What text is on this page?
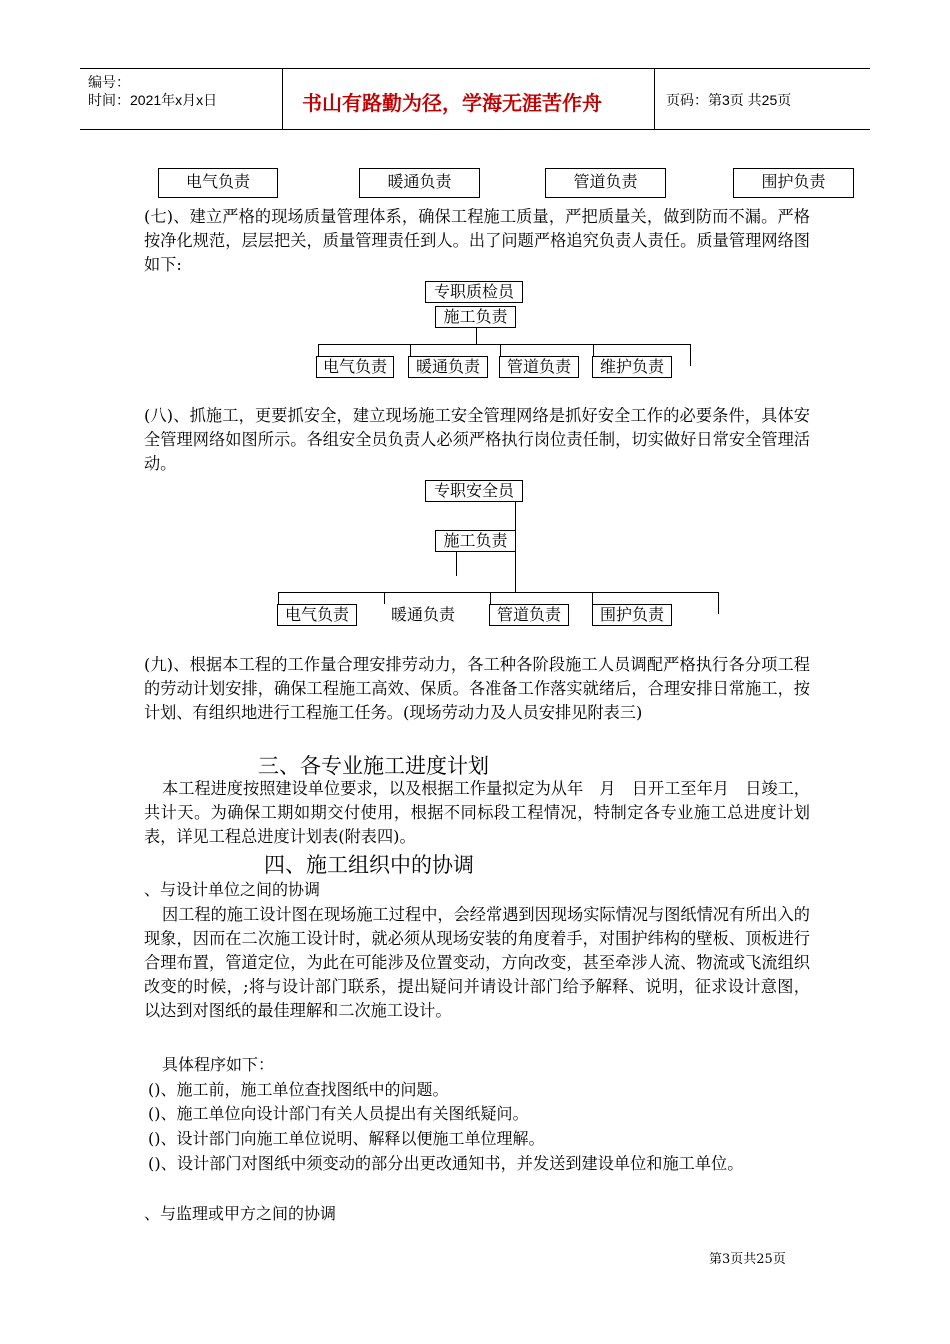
编号：
时间：2021年x月x日	书山有路勤为径，学海无涯苦作舟	页码：第3页 共25页
电气负责	暖通负责	管道负责	围护负责
(七)、建立严格的现场质量管理体系，确保工程施工质量，严把质量关，做到防而不漏。严格按净化规范，层层把关，质量管理责任到人。出了问题严格追究负责人责任。质量管理网络图如下:
专职质检员
施工负责
电气负责	暖通负责	管道负责	维护负责
(八)、抓施工，更要抓安全，建立现场施工安全管理网络是抓好安全工作的必要条件，具体安全管理网络如图所示。各组安全员负责人必须严格执行岗位责任制，切实做好日常安全管理活动。
专职安全员
施工负责
电气负责	暖通负责	管道负责	围护负责
(九)、根据本工程的工作量合理安排劳动力，各工种各阶段施工人员调配严格执行各分项工程的劳动计划安排，确保工程施工高效、保质。各准备工作落实就绪后，合理安排日常施工，按计划、有组织地进行工程施工任务。(现场劳动力及人员安排见附表三)
三、各专业施工进度计划
本工程进度按照建设单位要求，以及根据工作量拟定为从年　月　日开工至年月　日竣工，共计天。为确保工期如期交付使用，根据不同标段工程情况，特制定各专业施工总进度计划表，详见工程总进度计划表(附表四)。
四、施工组织中的协调
、与设计单位之间的协调
因工程的施工设计图在现场施工过程中，会经常遇到因现场实际情况与图纸情况有所出入的现象，因而在二次施工设计时，就必须从现场安装的角度着手，对围护纬构的壁板、顶板进行合理布置，管道定位，为此在可能涉及位置变动，方向改变，甚至牵涉人流、物流或飞流组织改变的时候，;将与设计部门联系，提出疑问并请设计部门给予解释、说明，征求设计意图，以达到对图纸的最佳理解和二次施工设计。
具体程序如下：
()、施工前，施工单位查找图纸中的问题。
()、施工单位向设计部门有关人员提出有关图纸疑问。
()、设计部门向施工单位说明、解释以便施工单位理解。
()、设计部门对图纸中须变动的部分出更改通知书，并发送到建设单位和施工单位。
、与监理或甲方之间的协调
第3页共25页
